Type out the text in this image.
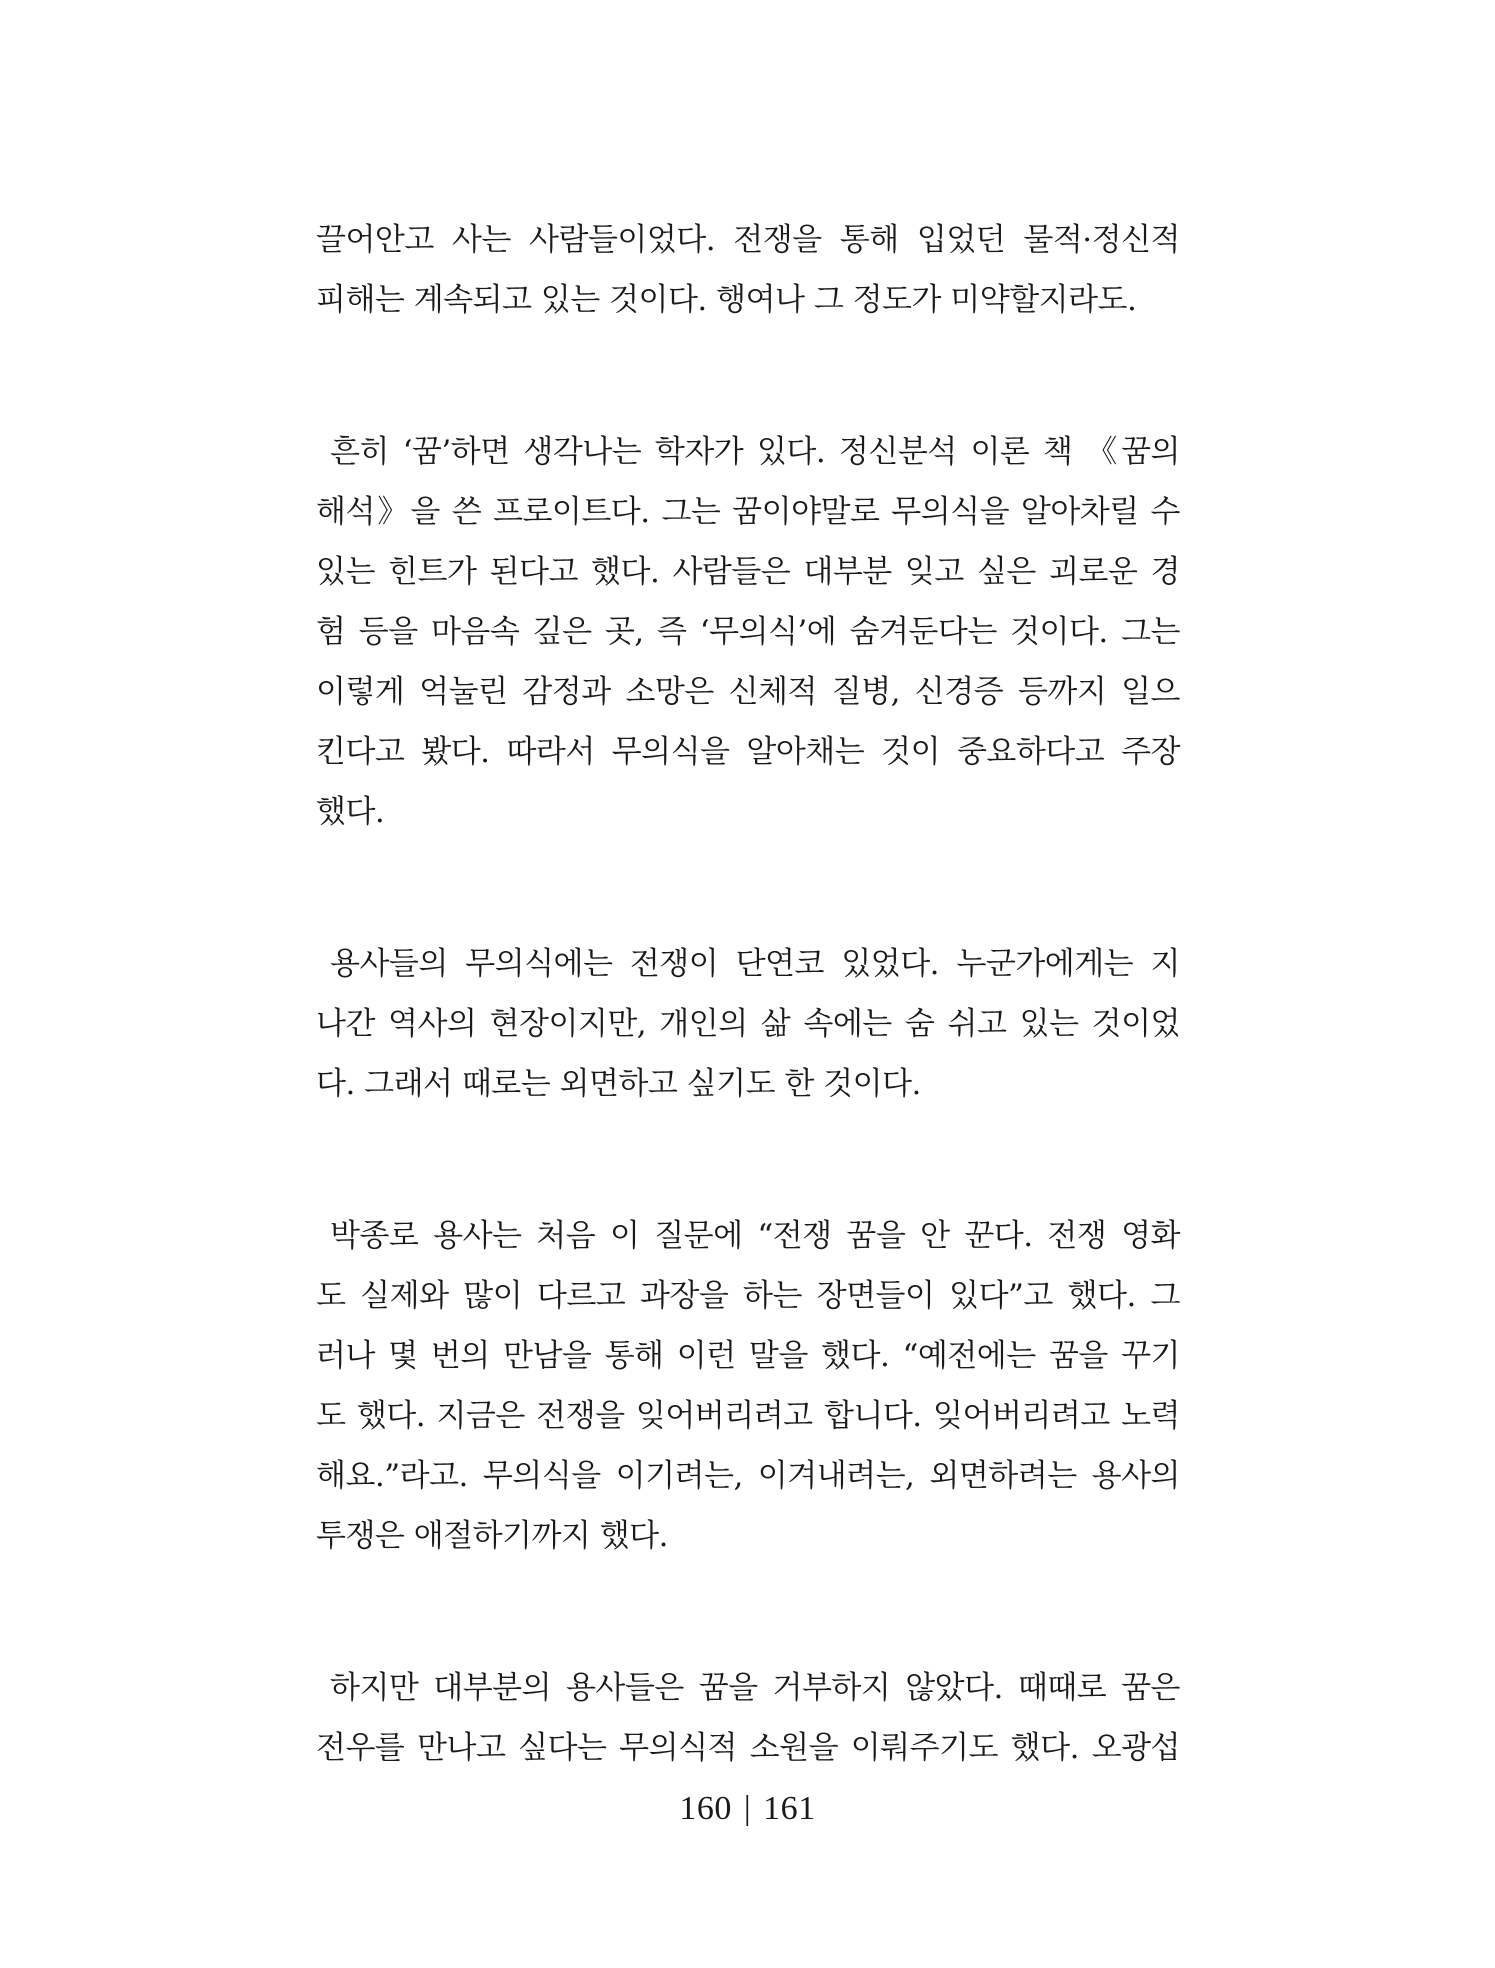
끌어안고 사는 사람들이었다. 전쟁을 통해 입었던 물적·정신적
피해는 계속되고 있는 것이다. 행여나 그 정도가 미약할지라도.
흔히 ‘꿈’하면 생각나는 학자가 있다. 정신분석 이론 책 《꿈의
해석》을 쓴 프로이트다. 그는 꿈이야말로 무의식을 알아차릴 수
있는 힌트가 된다고 했다. 사람들은 대부분 잊고 싶은 괴로운 경
험 등을 마음속 깊은 곳, 즉 ‘무의식’에 숨겨둔다는 것이다. 그는
이렇게 억눌린 감정과 소망은 신체적 질병, 신경증 등까지 일으
킨다고 봤다. 따라서 무의식을 알아채는 것이 중요하다고 주장
했다.
용사들의 무의식에는 전쟁이 단연코 있었다. 누군가에게는 지
나간 역사의 현장이지만, 개인의 삶 속에는 숨 쉬고 있는 것이었
다. 그래서 때로는 외면하고 싶기도 한 것이다.
박종로 용사는 처음 이 질문에 “전쟁 꿈을 안 꾼다. 전쟁 영화
도 실제와 많이 다르고 과장을 하는 장면들이 있다”고 했다. 그
러나 몇 번의 만남을 통해 이런 말을 했다. “예전에는 꿈을 꾸기
도 했다. 지금은 전쟁을 잊어버리려고 합니다. 잊어버리려고 노력
해요.”라고. 무의식을 이기려는, 이겨내려는, 외면하려는 용사의
투쟁은 애절하기까지 했다.
하지만 대부분의 용사들은 꿈을 거부하지 않았다. 때때로 꿈은
전우를 만나고 싶다는 무의식적 소원을 이뤄주기도 했다. 오광섭
160 | 161
